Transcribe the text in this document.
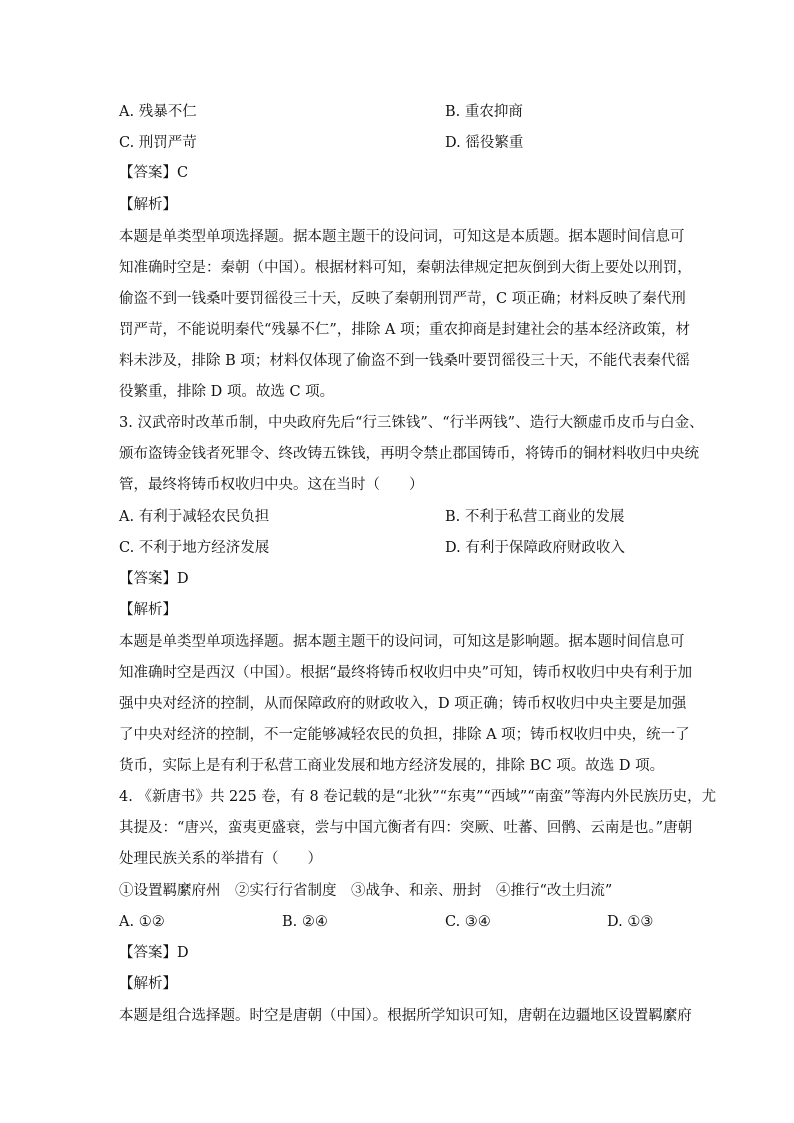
A. 残暴不仁	B. 重农抑商
C. 刑罚严苛	D. 徭役繁重
【答案】C
【解析】
本题是单类型单项选择题。据本题主题干的设问词，可知这是本质题。据本题时间信息可
知准确时空是：秦朝（中国）。根据材料可知，秦朝法律规定把灰倒到大街上要处以刑罚，
偷盗不到一钱桑叶要罚徭役三十天，反映了秦朝刑罚严苛，C 项正确；材料反映了秦代刑
罚严苛，不能说明秦代“残暴不仁”，排除 A 项；重农抑商是封建社会的基本经济政策，材
料未涉及，排除 B 项；材料仅体现了偷盗不到一钱桑叶要罚徭役三十天，不能代表秦代徭
役繁重，排除 D 项。故选 C 项。
3. 汉武帝时改革币制，中央政府先后“行三铢钱”、“行半两钱”、造行大额虚币皮币与白金、
颁布盗铸金钱者死罪令、终改铸五铢钱，再明令禁止郡国铸币，将铸币的铜材料收归中央统
管，最终将铸币权收归中央。这在当时（　　）
A. 有利于减轻农民负担	B. 不利于私营工商业的发展
C. 不利于地方经济发展	D. 有利于保障政府财政收入
【答案】D
【解析】
本题是单类型单项选择题。据本题主题干的设问词，可知这是影响题。据本题时间信息可
知准确时空是西汉（中国）。根据“最终将铸币权收归中央”可知，铸币权收归中央有利于加
强中央对经济的控制，从而保障政府的财政收入，D 项正确；铸币权收归中央主要是加强
了中央对经济的控制，不一定能够减轻农民的负担，排除 A 项；铸币权收归中央，统一了
货币，实际上是有利于私营工商业发展和地方经济发展的，排除 BC 项。故选 D 项。
4. 《新唐书》共 225 卷，有 8 卷记载的是“北狄”“东夷”“西域”“南蛮”等海内外民族历史，尤
其提及：“唐兴，蛮夷更盛衰，尝与中国亢衡者有四：突厥、吐蕃、回鹘、云南是也。”唐朝
处理民族关系的举措有（　　）
①设置羁縻府州　②实行行省制度　③战争、和亲、册封　④推行“改土归流”
A. ①②	B. ②④	C. ③④	D. ①③
【答案】D
【解析】
本题是组合选择题。时空是唐朝（中国）。根据所学知识可知，唐朝在边疆地区设置羁縻府
